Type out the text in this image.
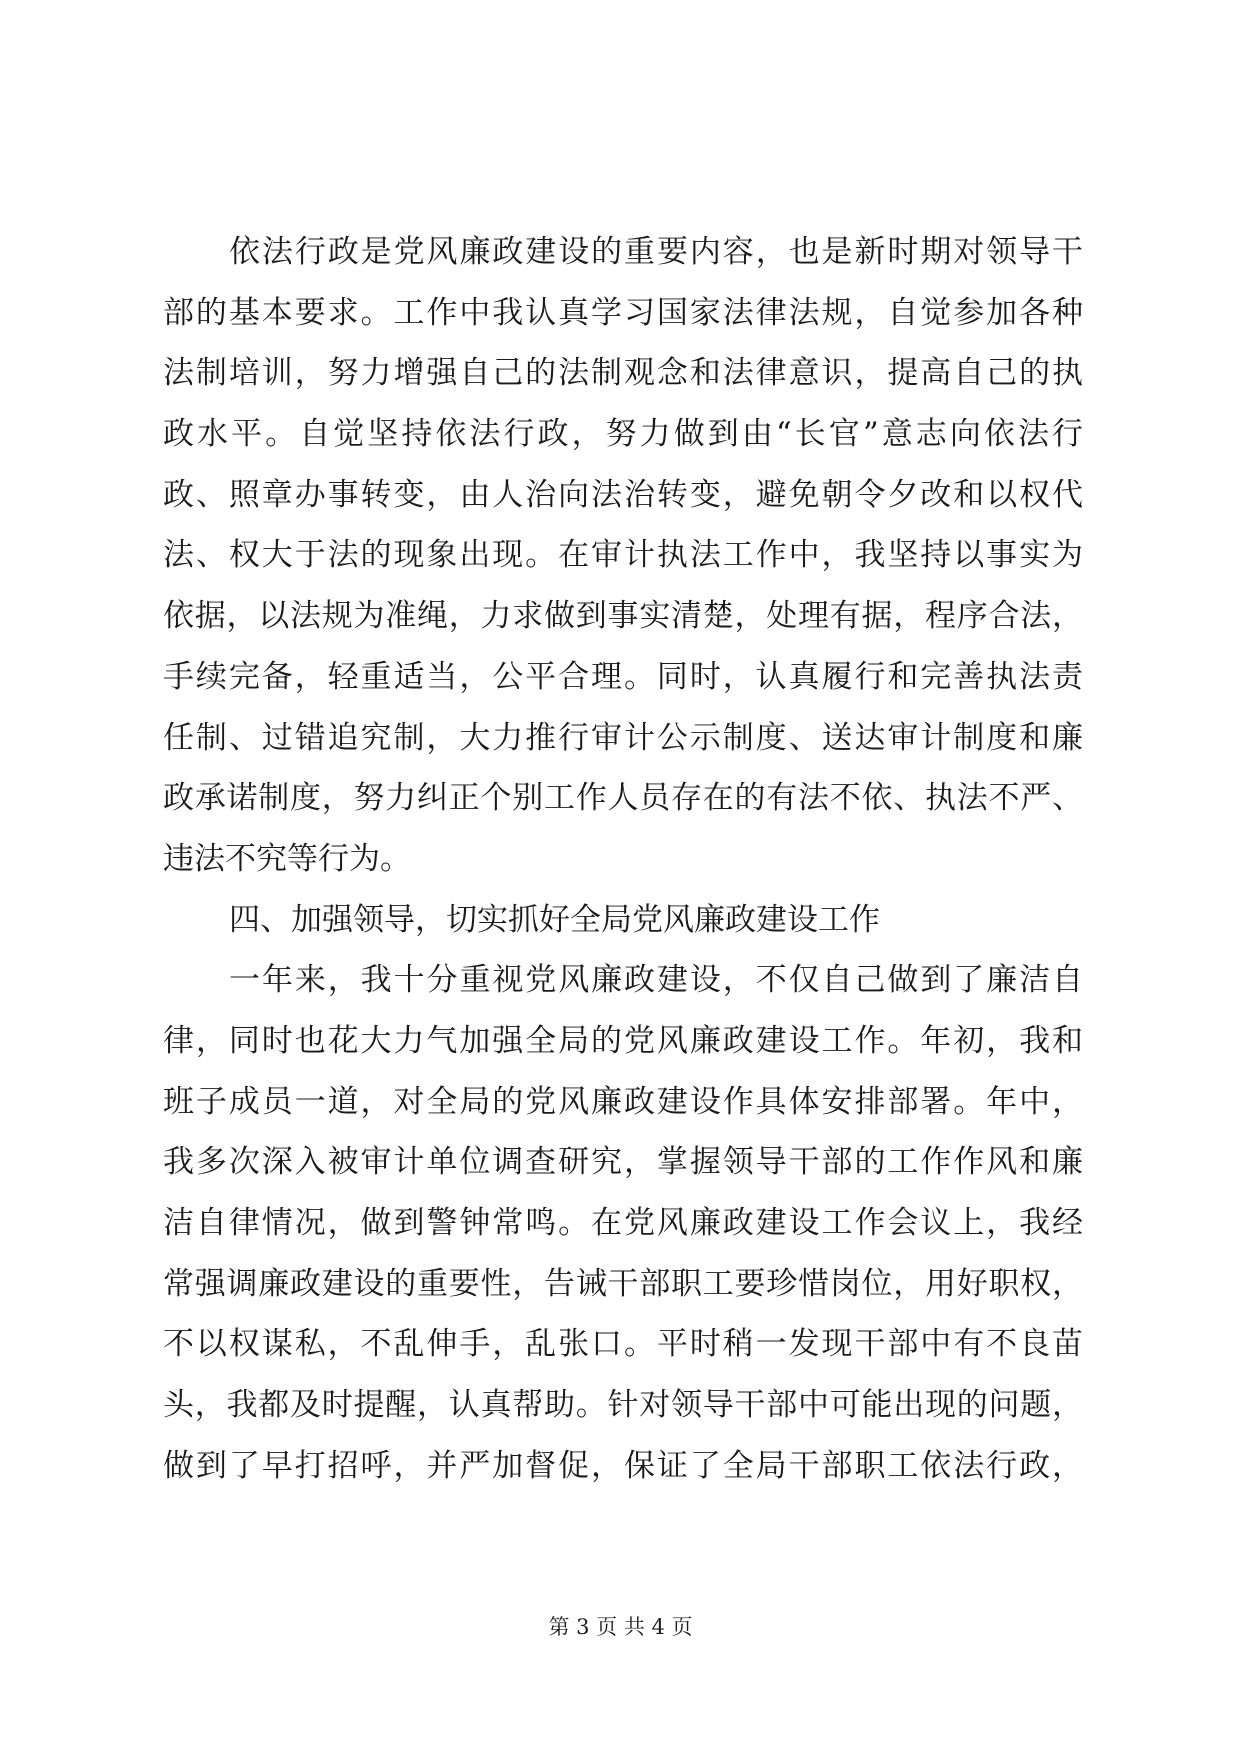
依法行政是党风廉政建设的重要内容，也是新时期对领导干
部的基本要求。工作中我认真学习国家法律法规，自觉参加各种
法制培训，努力增强自己的法制观念和法律意识，提高自己的执
政水平。自觉坚持依法行政，努力做到由“长官”意志向依法行
政、照章办事转变，由人治向法治转变，避免朝令夕改和以权代
法、权大于法的现象出现。在审计执法工作中，我坚持以事实为
依据，以法规为准绳，力求做到事实清楚，处理有据，程序合法，
手续完备，轻重适当，公平合理。同时，认真履行和完善执法责
任制、过错追究制，大力推行审计公示制度、送达审计制度和廉
政承诺制度，努力纠正个别工作人员存在的有法不依、执法不严、
违法不究等行为。
四、加强领导，切实抓好全局党风廉政建设工作
一年来，我十分重视党风廉政建设，不仅自己做到了廉洁自
律，同时也花大力气加强全局的党风廉政建设工作。年初，我和
班子成员一道，对全局的党风廉政建设作具体安排部署。年中，
我多次深入被审计单位调查研究，掌握领导干部的工作作风和廉
洁自律情况，做到警钟常鸣。在党风廉政建设工作会议上，我经
常强调廉政建设的重要性，告诫干部职工要珍惜岗位，用好职权，
不以权谋私，不乱伸手，乱张口。平时稍一发现干部中有不良苗
头，我都及时提醒，认真帮助。针对领导干部中可能出现的问题，
做到了早打招呼，并严加督促，保证了全局干部职工依法行政，
第 3 页 共 4 页
